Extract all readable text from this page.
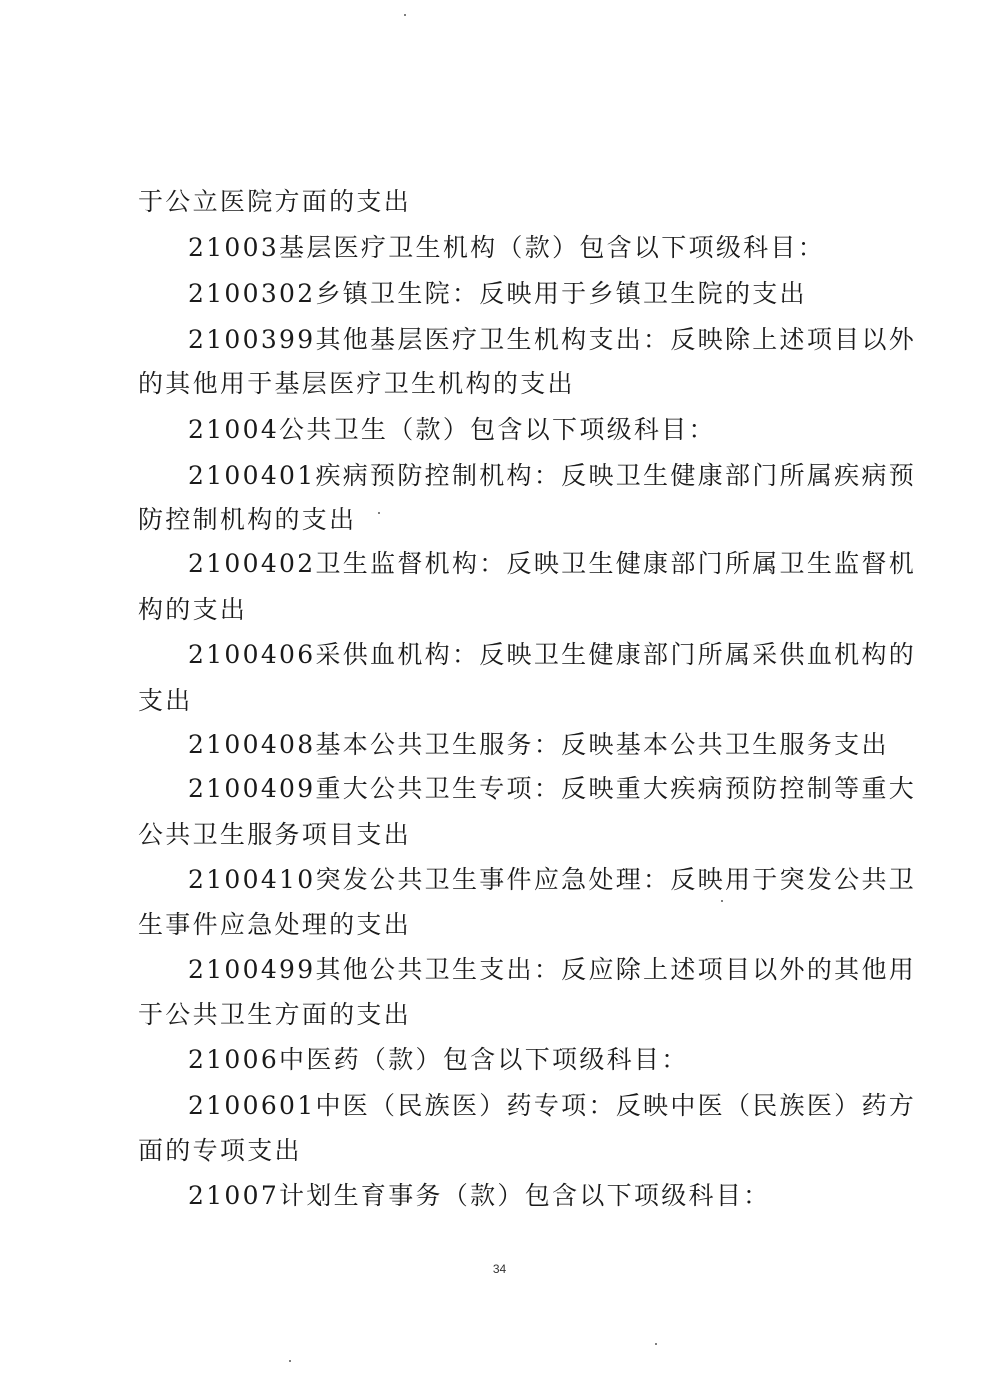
于公立医院方面的支出
21003基层医疗卫生机构（款）包含以下项级科目：
2100302乡镇卫生院：反映用于乡镇卫生院的支出
2100399其他基层医疗卫生机构支出：反映除上述项目以外
的其他用于基层医疗卫生机构的支出
21004公共卫生（款）包含以下项级科目：
2100401疾病预防控制机构：反映卫生健康部门所属疾病预
防控制机构的支出
2100402卫生监督机构：反映卫生健康部门所属卫生监督机
构的支出
2100406采供血机构：反映卫生健康部门所属采供血机构的
支出
2100408基本公共卫生服务：反映基本公共卫生服务支出
2100409重大公共卫生专项：反映重大疾病预防控制等重大
公共卫生服务项目支出
2100410突发公共卫生事件应急处理：反映用于突发公共卫
生事件应急处理的支出
2100499其他公共卫生支出：反应除上述项目以外的其他用
于公共卫生方面的支出
21006中医药（款）包含以下项级科目：
2100601中医（民族医）药专项：反映中医（民族医）药方
面的专项支出
21007计划生育事务（款）包含以下项级科目：
34
